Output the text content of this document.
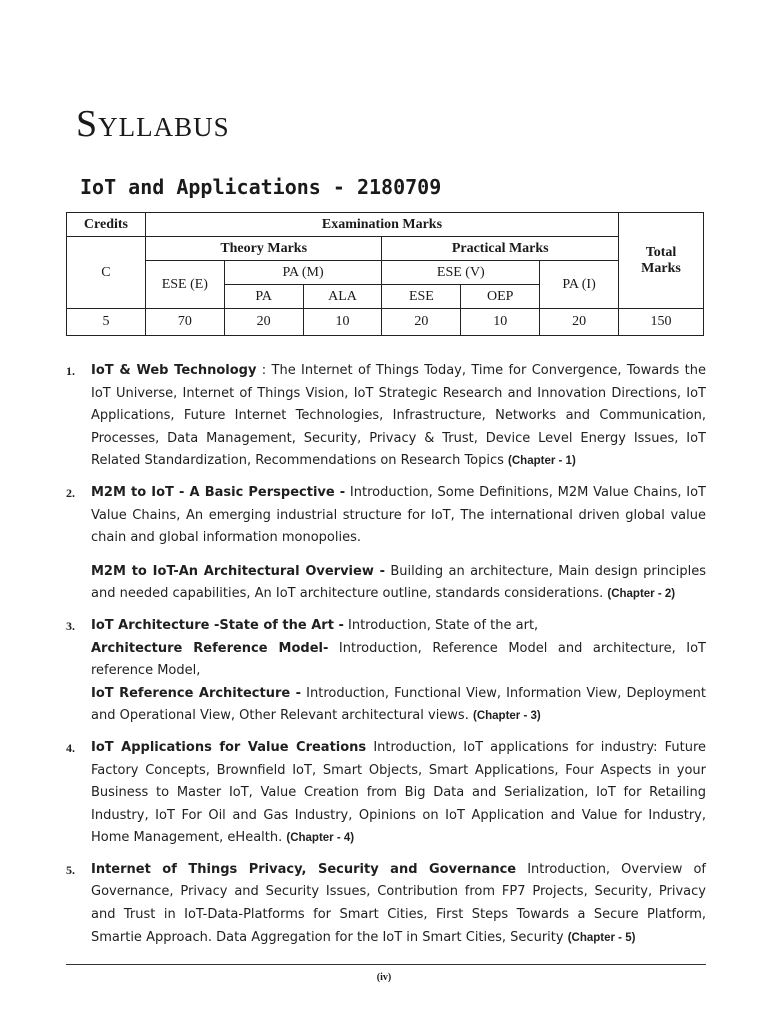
Syllabus
IoT and Applications - 2180709
Credits	Examination Marks						Total Marks
C	Theory Marks			Practical Marks			
	ESE (E)	PA (M)		ESE (V)		PA (I)	
		PA	ALA	ESE	OEP		
5	70	20	10	20	10	20	150
1. IoT & Web Technology : The Internet of Things Today, Time for Convergence, Towards the IoT Universe, Internet of Things Vision, IoT Strategic Research and Innovation Directions, IoT Applications, Future Internet Technologies, Infrastructure, Networks and Communication, Processes, Data Management, Security, Privacy & Trust, Device Level Energy Issues, IoT Related Standardization, Recommendations on Research Topics (Chapter - 1)

2. M2M to IoT - A Basic Perspective - Introduction, Some Definitions, M2M Value Chains, IoT Value Chains, An emerging industrial structure for IoT, The international driven global value chain and global information monopolies.

M2M to IoT-An Architectural Overview - Building an architecture, Main design principles and needed capabilities, An IoT architecture outline, standards considerations. (Chapter - 2)

3. IoT Architecture -State of the Art - Introduction, State of the art,

Architecture Reference Model- Introduction, Reference Model and architecture, IoT reference Model,

IoT Reference Architecture - Introduction, Functional View, Information View, Deployment and Operational View, Other Relevant architectural views. (Chapter - 3)

4. IoT Applications for Value Creations Introduction, IoT applications for industry: Future Factory Concepts, Brownfield IoT, Smart Objects, Smart Applications, Four Aspects in your Business to Master IoT, Value Creation from Big Data and Serialization, IoT for Retailing Industry, IoT For Oil and Gas Industry, Opinions on IoT Application and Value for Industry, Home Management, eHealth. (Chapter - 4)

5. Internet of Things Privacy, Security and Governance Introduction, Overview of Governance, Privacy and Security Issues, Contribution from FP7 Projects, Security, Privacy and Trust in IoT-Data-Platforms for Smart Cities, First Steps Towards a Secure Platform, Smartie Approach. Data Aggregation for the IoT in Smart Cities, Security (Chapter - 5)

(iv)
